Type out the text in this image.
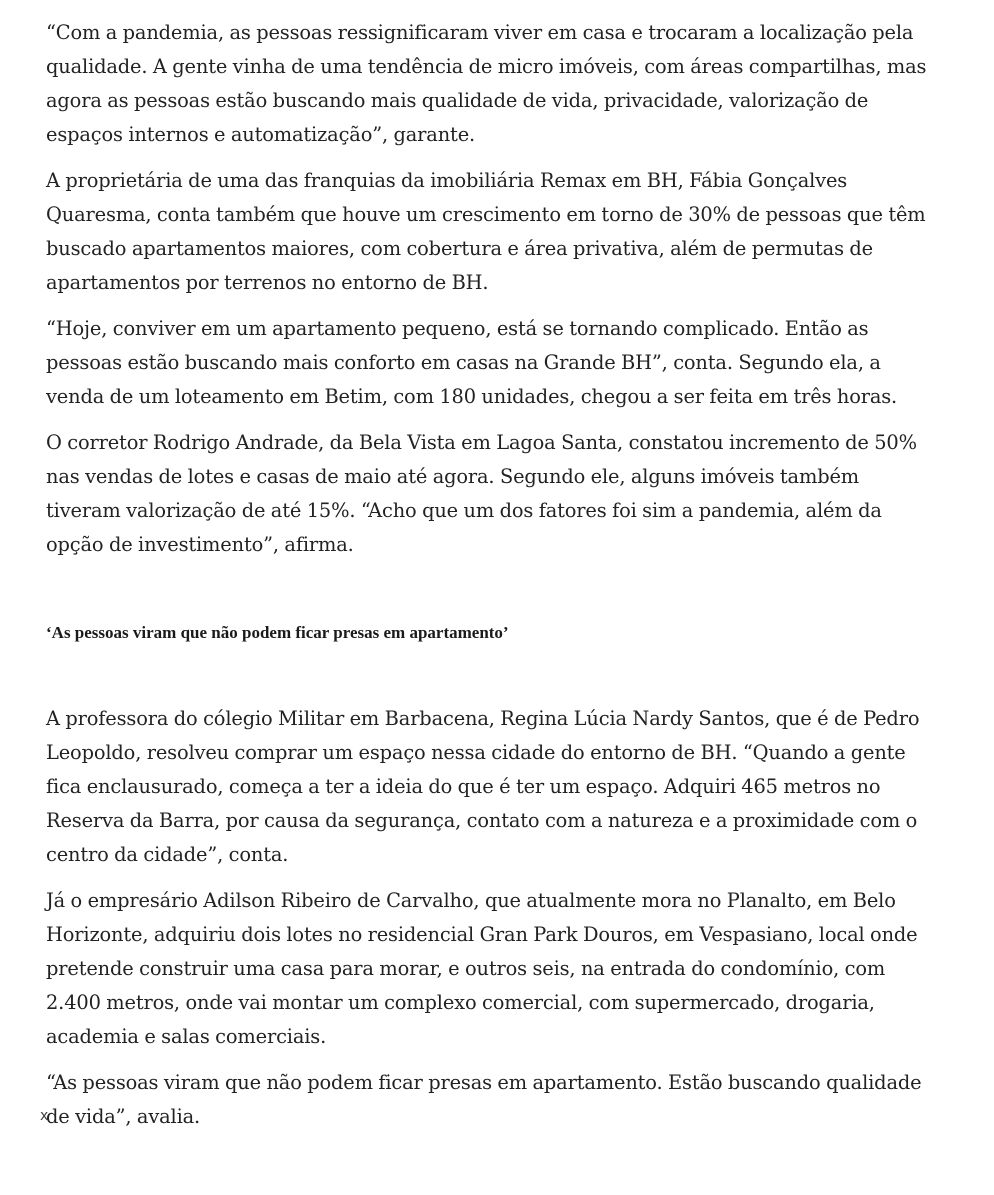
“Com a pandemia, as pessoas ressignificaram viver em casa e trocaram a localização pela qualidade. A gente vinha de uma tendência de micro imóveis, com áreas compartilhas, mas agora as pessoas estão buscando mais qualidade de vida, privacidade, valorização de espaços internos e automatização”, garante.

A proprietária de uma das franquias da imobiliária Remax em BH, Fábia Gonçalves Quaresma, conta também que houve um crescimento em torno de 30% de pessoas que têm buscado apartamentos maiores, com cobertura e área privativa, além de permutas de apartamentos por terrenos no entorno de BH.

“Hoje, conviver em um apartamento pequeno, está se tornando complicado. Então as pessoas estão buscando mais conforto em casas na Grande BH”, conta. Segundo ela, a venda de um loteamento em Betim, com 180 unidades, chegou a ser feita em três horas.

O corretor Rodrigo Andrade, da Bela Vista em Lagoa Santa, constatou incremento de 50% nas vendas de lotes e casas de maio até agora. Segundo ele, alguns imóveis também tiveram valorização de até 15%. “Acho que um dos fatores foi sim a pandemia, além da opção de investimento”, afirma.

‘As pessoas viram que não podem ficar presas em apartamento’

A professora do cólegio Militar em Barbacena, Regina Lúcia Nardy Santos, que é de Pedro Leopoldo, resolveu comprar um espaço nessa cidade do entorno de BH. “Quando a gente fica enclausurado, começa a ter a ideia do que é ter um espaço. Adquiri 465 metros no Reserva da Barra, por causa da segurança, contato com a natureza e a proximidade com o centro da cidade”, conta.

Já o empresário Adilson Ribeiro de Carvalho, que atualmente mora no Planalto, em Belo Horizonte, adquiriu dois lotes no residencial Gran Park Douros, em Vespasiano, local onde pretende construir uma casa para morar, e outros seis, na entrada do condomínio, com 2.400 metros, onde vai montar um complexo comercial, com supermercado, drogaria, academia e salas comerciais.

“As pessoas viram que não podem ficar presas em apartamento. Estão buscando qualidade de vida”, avalia.

x
